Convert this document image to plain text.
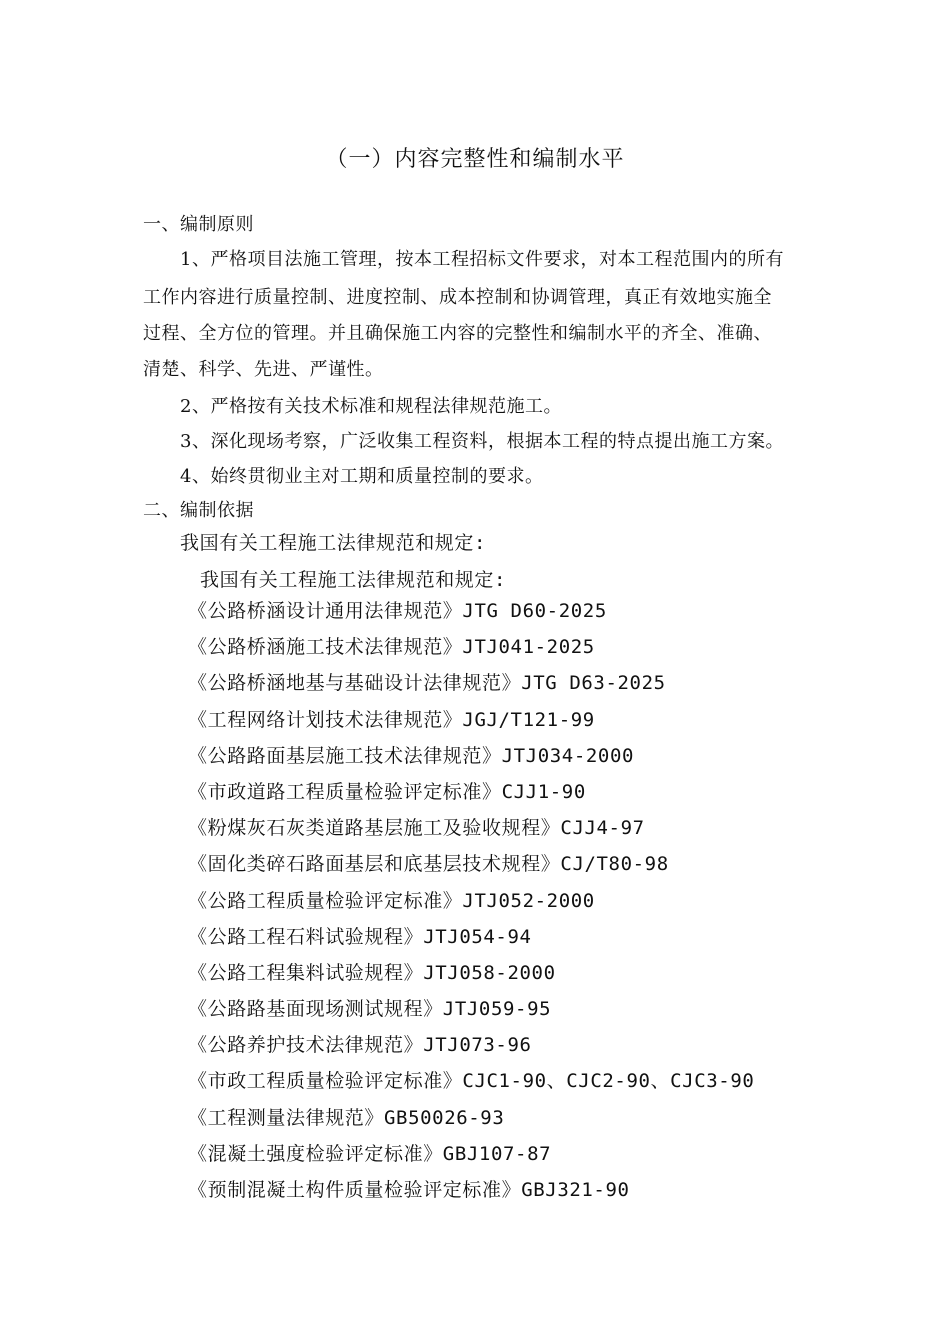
（一）内容完整性和编制水平
一、编制原则
1、严格项目法施工管理，按本工程招标文件要求，对本工程范围内的所有
工作内容进行质量控制、进度控制、成本控制和协调管理，真正有效地实施全
过程、全方位的管理。并且确保施工内容的完整性和编制水平的齐全、准确、
清楚、科学、先进、严谨性。
2、严格按有关技术标准和规程法律规范施工。
3、深化现场考察，广泛收集工程资料，根据本工程的特点提出施工方案。
4、始终贯彻业主对工期和质量控制的要求。
二、编制依据
我国有关工程施工法律规范和规定:
我国有关工程施工法律规范和规定:
《公路桥涵设计通用法律规范》JTG D60-2025
《公路桥涵施工技术法律规范》JTJ041-2025
《公路桥涵地基与基础设计法律规范》JTG D63-2025
《工程网络计划技术法律规范》JGJ/T121-99
《公路路面基层施工技术法律规范》JTJ034-2000
《市政道路工程质量检验评定标准》CJJ1-90
《粉煤灰石灰类道路基层施工及验收规程》CJJ4-97
《固化类碎石路面基层和底基层技术规程》CJ/T80-98
《公路工程质量检验评定标准》JTJ052-2000
《公路工程石料试验规程》JTJ054-94
《公路工程集料试验规程》JTJ058-2000
《公路路基面现场测试规程》JTJ059-95
《公路养护技术法律规范》JTJ073-96
《市政工程质量检验评定标准》CJC1-90、CJC2-90、CJC3-90
《工程测量法律规范》GB50026-93
《混凝土强度检验评定标准》GBJ107-87
《预制混凝土构件质量检验评定标准》GBJ321-90
